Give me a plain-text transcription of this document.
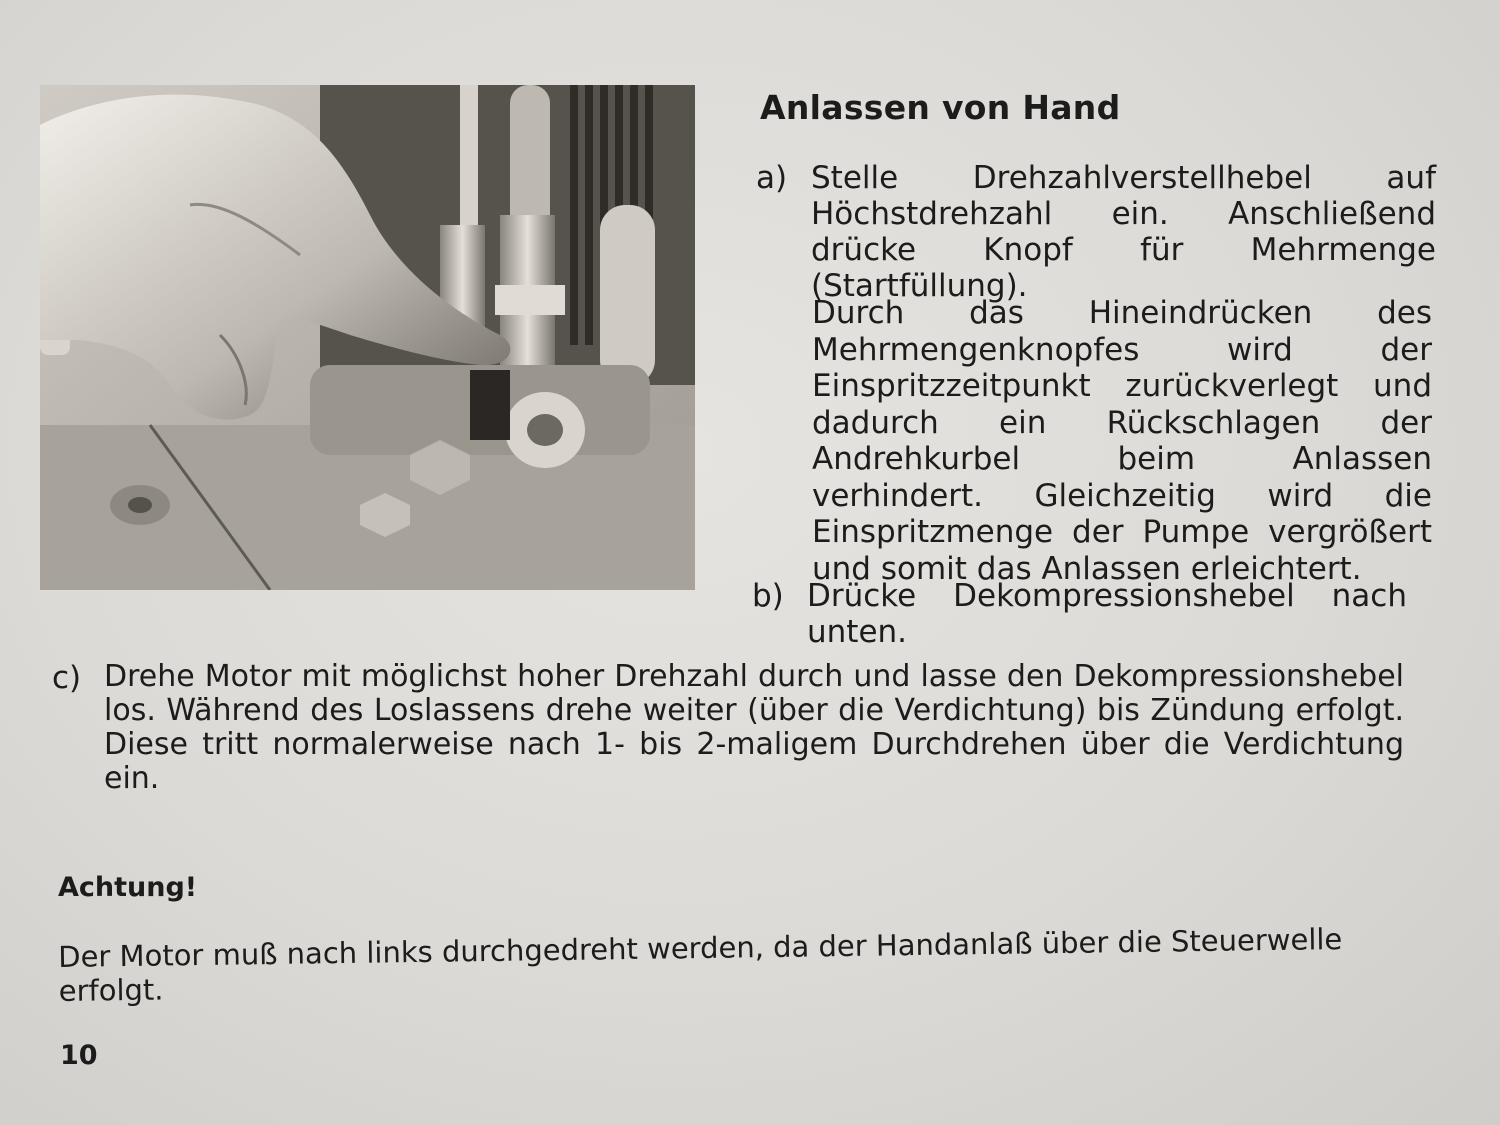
Anlassen von Hand
a) Stelle Drehzahlverstellhebel auf Höchstdrehzahl ein. Anschließend drücke Knopf für Mehrmenge (Startfüllung).
Durch das Hineindrücken des Mehrmengenknopfes wird der Einspritzzeitpunkt zurückverlegt und dadurch ein Rückschlagen der Andrehkurbel beim Anlassen verhindert. Gleichzeitig wird die Einspritzmenge der Pumpe vergrößert und somit das Anlassen erleichtert.
b) Drücke Dekompressionshebel nach unten.
c) Drehe Motor mit möglichst hoher Drehzahl durch und lasse den Dekompressionshebel los. Während des Loslassens drehe weiter (über die Verdichtung) bis Zündung erfolgt. Diese tritt normalerweise nach 1- bis 2-maligem Durchdrehen über die Verdichtung ein.
Achtung!
Der Motor muß nach links durchgedreht werden, da der Handanlaß über die Steuerwelle erfolgt.
10
